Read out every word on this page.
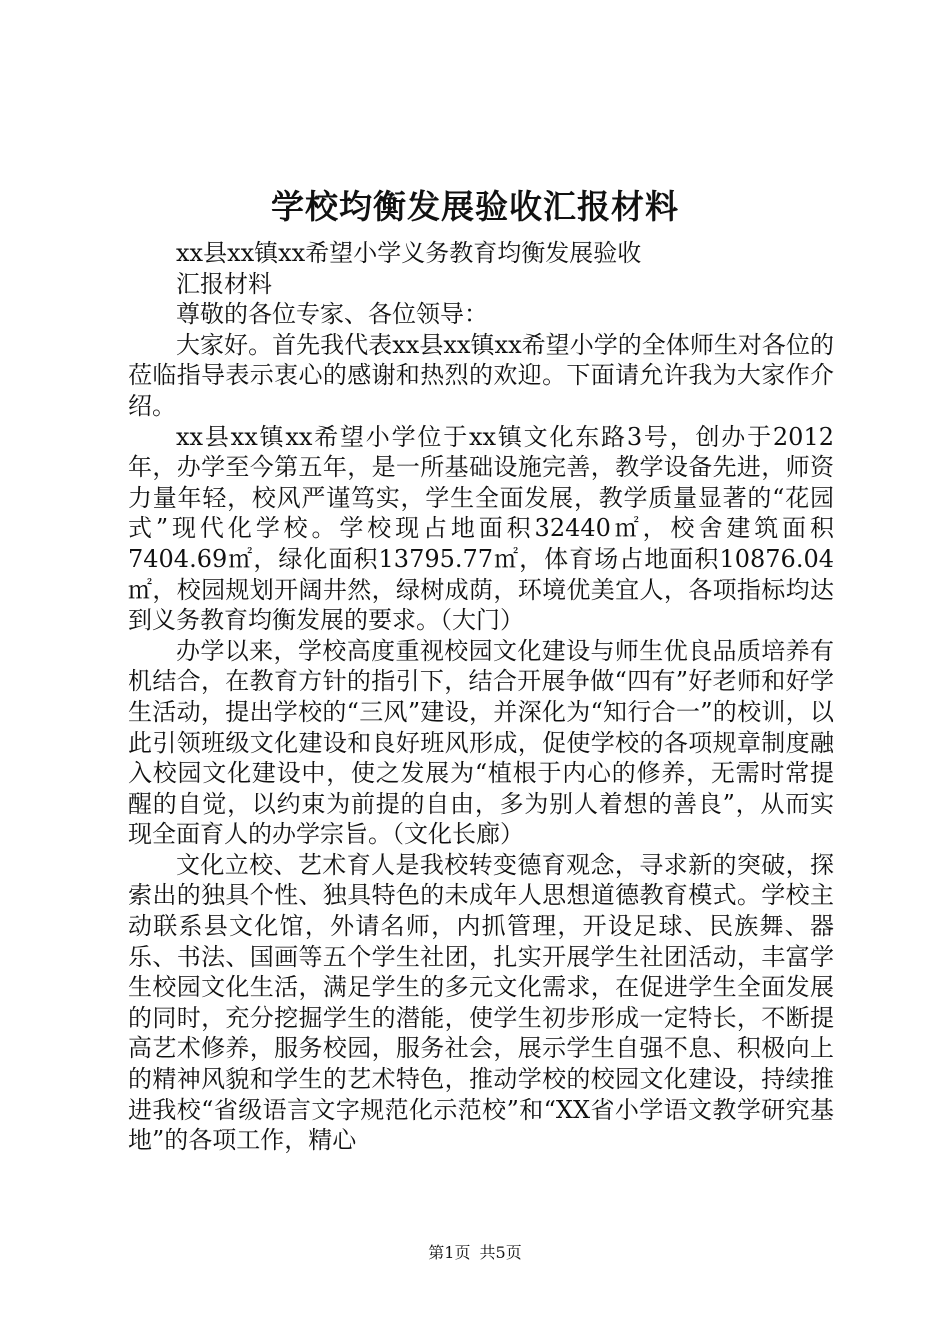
学校均衡发展验收汇报材料

xx县xx镇xx希望小学义务教育均衡发展验收

汇报材料

尊敬的各位专家、各位领导：

大家好。首先我代表xx县xx镇xx希望小学的全体师生对各位的莅临指导表示衷心的感谢和热烈的欢迎。下面请允许我为大家作介绍。

xx县xx镇xx希望小学位于xx镇文化东路3号，创办于2012年，办学至今第五年，是一所基础设施完善，教学设备先进，师资力量年轻，校风严谨笃实，学生全面发展，教学质量显著的“花园式”现代化学校。学校现占地面积32440㎡，校舍建筑面积7404.69㎡，绿化面积13795.77㎡，体育场占地面积10876.04㎡，校园规划开阔井然，绿树成荫，环境优美宜人，各项指标均达到义务教育均衡发展的要求。（大门）

办学以来，学校高度重视校园文化建设与师生优良品质培养有机结合，在教育方针的指引下，结合开展争做“四有”好老师和好学生活动，提出学校的“三风”建设，并深化为“知行合一”的校训，以此引领班级文化建设和良好班风形成，促使学校的各项规章制度融入校园文化建设中，使之发展为“植根于内心的修养，无需时常提醒的自觉，以约束为前提的自由，多为别人着想的善良”，从而实现全面育人的办学宗旨。（文化长廊）

文化立校、艺术育人是我校转变德育观念，寻求新的突破，探索出的独具个性、独具特色的未成年人思想道德教育模式。学校主动联系县文化馆，外请名师，内抓管理，开设足球、民族舞、器乐、书法、国画等五个学生社团，扎实开展学生社团活动，丰富学生校园文化生活，满足学生的多元文化需求，在促进学生全面发展的同时，充分挖掘学生的潜能，使学生初步形成一定特长，不断提高艺术修养，服务校园，服务社会，展示学生自强不息、积极向上的精神风貌和学生的艺术特色，推动学校的校园文化建设，持续推进我校“省级语言文字规范化示范校”和“XX省小学语文教学研究基地”的各项工作，精心

第1页 共5页
